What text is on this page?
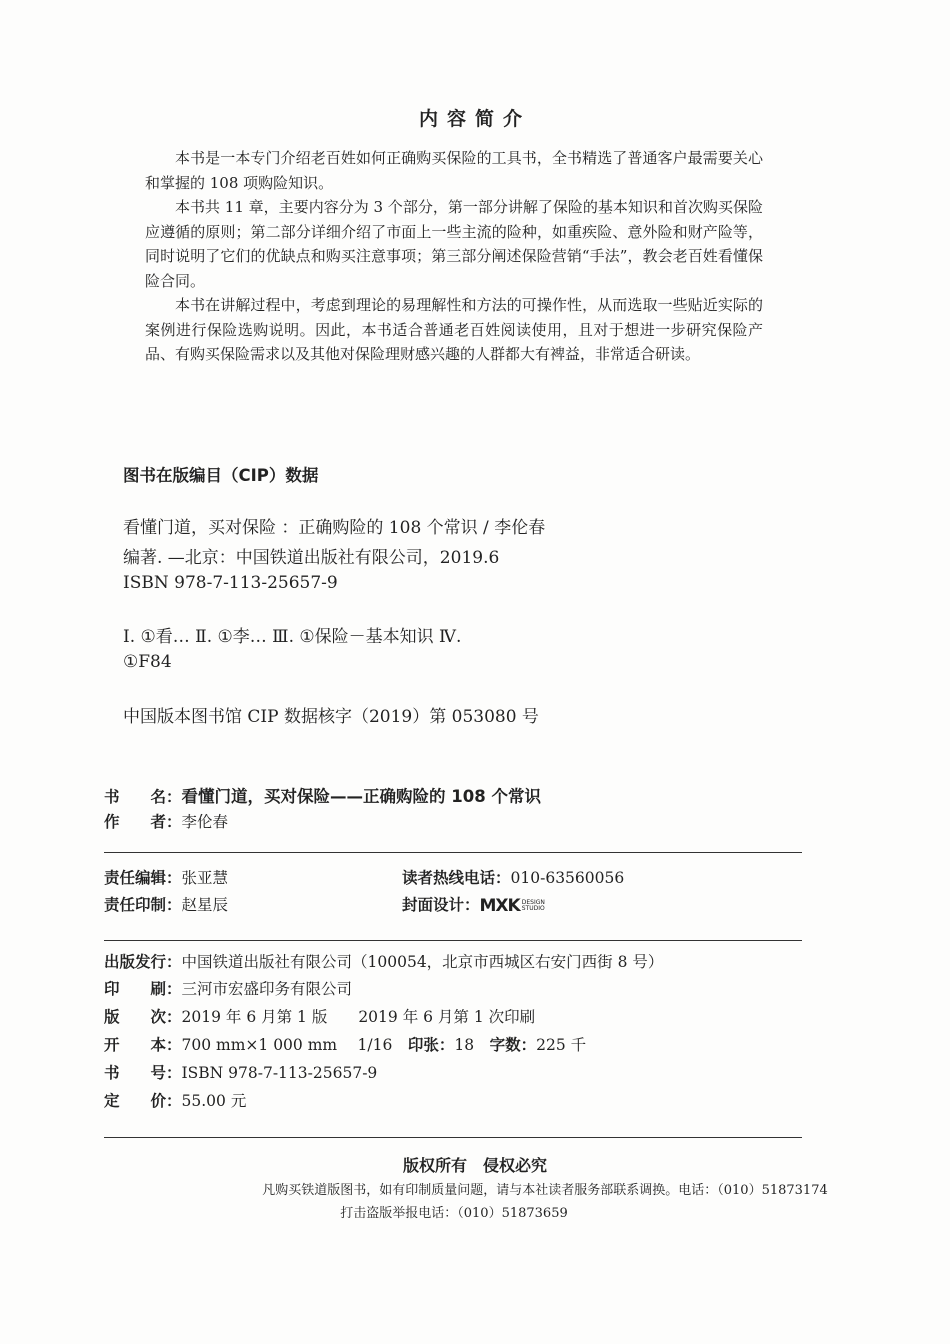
内容简介

本书是一本专门介绍老百姓如何正确购买保险的工具书，全书精选了普通客户最需要关心和掌握的 108 项购险知识。

本书共 11 章，主要内容分为 3 个部分，第一部分讲解了保险的基本知识和首次购买保险应遵循的原则；第二部分详细介绍了市面上一些主流的险种，如重疾险、意外险和财产险等，同时说明了它们的优缺点和购买注意事项；第三部分阐述保险营销“手法”，教会老百姓看懂保险合同。

本书在讲解过程中，考虑到理论的易理解性和方法的可操作性，从而选取一些贴近实际的案例进行保险选购说明。因此，本书适合普通老百姓阅读使用，且对于想进一步研究保险产品、有购买保险需求以及其他对保险理财感兴趣的人群都大有裨益，非常适合研读。

图书在版编目（CIP）数据
看懂门道，买对保险 ：正确购险的 108 个常识 / 李伦春
编著. —北京：中国铁道出版社有限公司，2019.6
ISBN 978-7-113-25657-9
Ⅰ. ①看… Ⅱ. ①李… Ⅲ. ①保险－基本知识 Ⅳ.
①F84
中国版本图书馆 CIP 数据核字（2019）第 053080 号
书　　名：看懂门道，买对保险——正确购险的 108 个常识
作　　者：李伦春
责任编辑：张亚慧	读者热线电话：010-63560056
责任印制：赵星辰	封面设计：MXK DESIGN
STUDIO
出版发行：中国铁道出版社有限公司（100054，北京市西城区右安门西街 8 号）
印　　刷：三河市宏盛印务有限公司
版　　次：2019 年 6 月第 1 版　　2019 年 6 月第 1 次印刷
开　　本：700 mm×1 000 mm　 1/16　印张：18　字数：225 千
书　　号：ISBN 978-7-113-25657-9
定　　价：55.00 元
版权所有　侵权必究
凡购买铁道版图书，如有印制质量问题，请与本社读者服务部联系调换。电话：（010）51873174
打击盗版举报电话：（010）51873659
